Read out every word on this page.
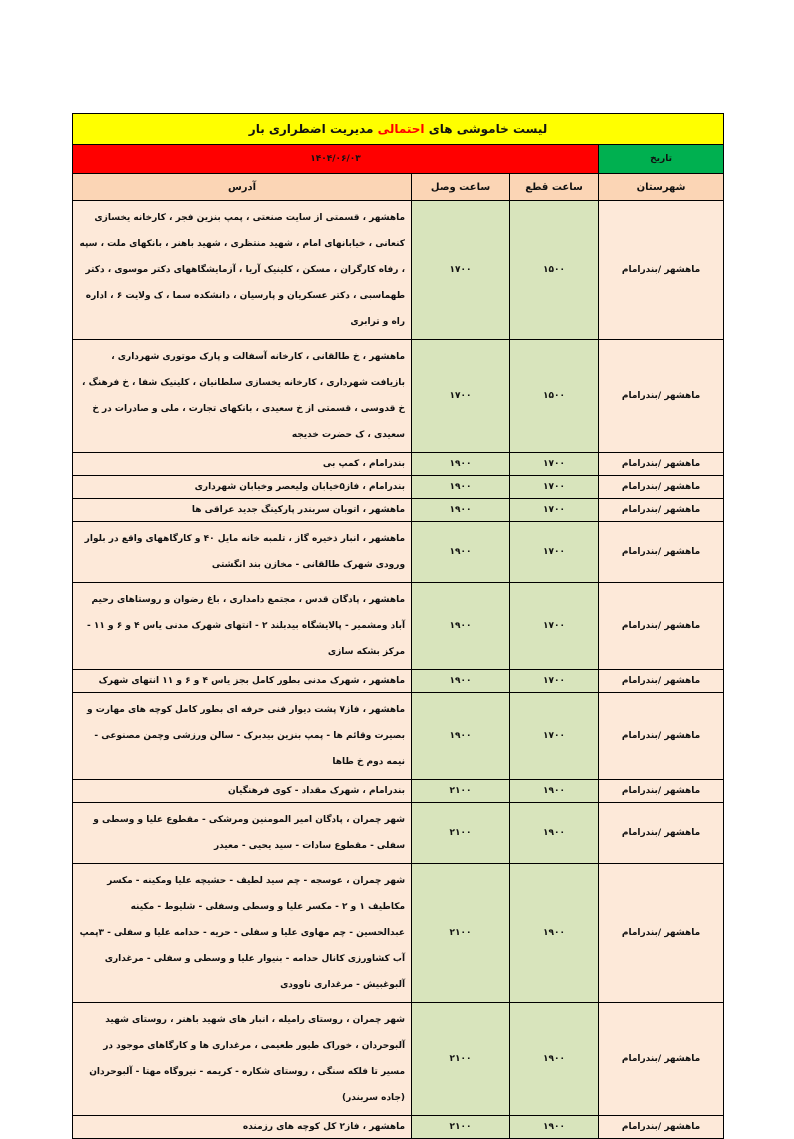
لیست خاموشی های احتمالی مدیریت اضطراری بار			
تاریخ	۱۴۰۴/۰۶/۰۳		
شهرستان	ساعت قطع	ساعت وصل	آدرس
ماهشهر /بندرامام	۱۵۰۰	۱۷۰۰	ماهشهر ، قسمتی از سایت صنعتی ، پمپ بنزین فجر ، کارخانه یخسازی کنعانی ، خیابانهای امام ، شهید منتظری ، شهید باهنر ، بانکهای ملت ، سپه ، رفاه کارگران ، مسکن ، کلینیک آریا ، آزمایشگاههای دکتر موسوی ، دکتر طهماسبی ، دکتر عسکریان و پارسیان ، دانشکده سما ، ک ولایت ۶ ، اداره راه و ترابری
ماهشهر /بندرامام	۱۵۰۰	۱۷۰۰	ماهشهر ، خ طالقانی ، کارخانه آسفالت و پارک موتوری شهرداری ، بازیافت شهرداری ، کارخانه یخسازی سلطانیان ، کلینیک شفا ، خ فرهنگ ، خ قدوسی ، قسمتی از خ سعیدی ، بانکهای تجارت ، ملی و صادرات در خ سعیدی ، ک حضرت خدیجه
ماهشهر /بندرامام	۱۷۰۰	۱۹۰۰	بندرامام ، کمپ بی
ماهشهر /بندرامام	۱۷۰۰	۱۹۰۰	بندرامام ، فاز۵خیابان ولیعصر وخیابان شهرداری
ماهشهر /بندرامام	۱۷۰۰	۱۹۰۰	ماهشهر ، اتوبان سربندر پارکینگ جدید عراقی ها
ماهشهر /بندرامام	۱۷۰۰	۱۹۰۰	ماهشهر ، انبار ذخیره گاز ، تلمبه خانه مایل ۴۰ و کارگاههای واقع در بلوار ورودی شهرک طالقانی - مخازن بند انگشتی
ماهشهر /بندرامام	۱۷۰۰	۱۹۰۰	ماهشهر ، پادگان قدس ، مجتمع دامداری ، باغ رضوان و روستاهای رحیم آباد ومشمیر - پالایشگاه بیدبلند ۲ - انتهای شهرک مدنی یاس ۴ و ۶ و ۱۱ - مرکز بشکه سازی
ماهشهر /بندرامام	۱۷۰۰	۱۹۰۰	ماهشهر ، شهرک مدنی بطور کامل بجز یاس ۴ و ۶ و ۱۱ انتهای شهرک
ماهشهر /بندرامام	۱۷۰۰	۱۹۰۰	ماهشهر ، فاز۷ پشت دیوار فنی حرفه ای بطور کامل کوچه های مهارت و بصیرت وقائم ها - پمپ بنزین بیدبرک - سالن ورزشی وچمن مصنوعی - نیمه دوم خ طاها
ماهشهر /بندرامام	۱۹۰۰	۲۱۰۰	بندرامام ، شهرک مقداد - کوی فرهنگیان
ماهشهر /بندرامام	۱۹۰۰	۲۱۰۰	شهر چمران ، پادگان امیر المومنین ومرشکی - مقطوع علیا و وسطی و سفلی - مقطوع سادات - سید یحیی - معیدر
ماهشهر /بندرامام	۱۹۰۰	۲۱۰۰	شهر چمران ، عوسجه - چم سید لطیف - حشیچه علیا ومکینه - مکسر مکاطیف ۱ و ۲ - مکسر علیا و وسطی وسفلی - شلیوط - مکینه عبدالحسین - چم مهاوی علیا و سفلی - حریه - حدامه علیا و سفلی - ۳پمپ آب کشاورزی کانال حدامه - بنیوار علیا و وسطی و سفلی - مرغداری آلبوغبیش - مرغداری ناوودی
ماهشهر /بندرامام	۱۹۰۰	۲۱۰۰	شهر چمران ، روستای رامیله ، انبار های شهید باهنر ، روستای شهید آلبوحردان ، خوراک طیور طعیمی ، مرغداری ها و کارگاهای موجود در مسیر تا فلکه سنگی ، روستای شکاره - کریمه - نیروگاه مهتا - آلبوحردان (جاده سربندر)
ماهشهر /بندرامام	۱۹۰۰	۲۱۰۰	ماهشهر ، فاز۲ کل کوچه های رزمنده
